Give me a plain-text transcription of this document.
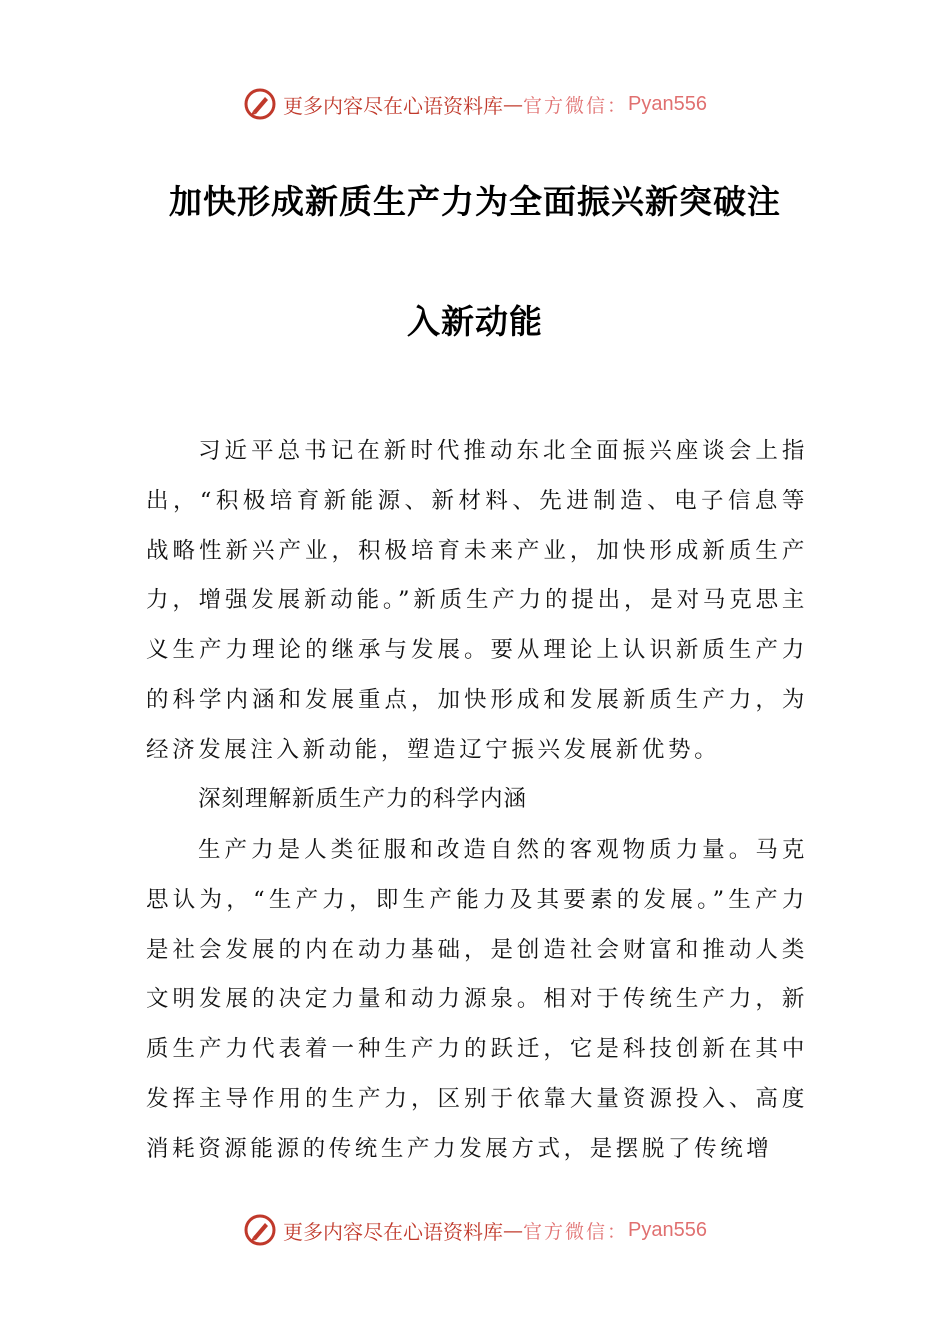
更多内容尽在心语资料库 — 官方微信： Pyan556
加快形成新质生产力为全面振兴新突破注
入新动能
习近平总书记在新时代推动东北全面振兴座谈会上指出，“积极培育新能源、新材料、先进制造、电子信息等战略性新兴产业，积极培育未来产业，加快形成新质生产力，增强发展新动能。”新质生产力的提出，是对马克思主义生产力理论的继承与发展。要从理论上认识新质生产力的科学内涵和发展重点，加快形成和发展新质生产力，为经济发展注入新动能，塑造辽宁振兴发展新优势。
深刻理解新质生产力的科学内涵
生产力是人类征服和改造自然的客观物质力量。马克思认为，“生产力，即生产能力及其要素的发展。”生产力是社会发展的内在动力基础，是创造社会财富和推动人类文明发展的决定力量和动力源泉。相对于传统生产力，新质生产力代表着一种生产力的跃迁，它是科技创新在其中发挥主导作用的生产力，区别于依靠大量资源投入、高度消耗资源能源的传统生产力发展方式，是摆脱了传统增
更多内容尽在心语资料库 — 官方微信： Pyan556
